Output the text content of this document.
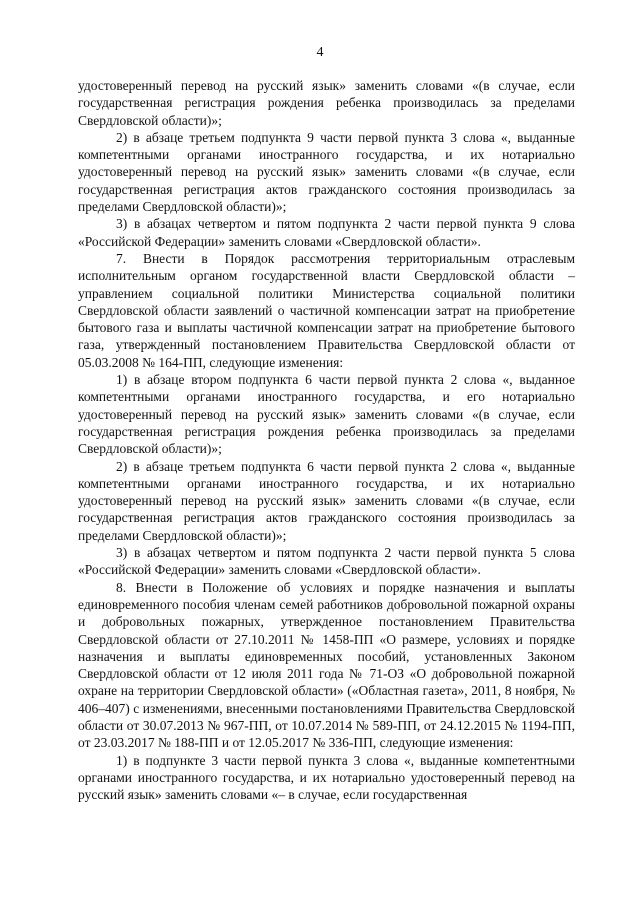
4

удостоверенный перевод на русский язык» заменить словами «(в случае, если государственная регистрация рождения ребенка производилась за пределами Свердловской области)»;

2) в абзаце третьем подпункта 9 части первой пункта 3 слова «, выданные компетентными органами иностранного государства, и их нотариально удостоверенный перевод на русский язык» заменить словами «(в случае, если государственная регистрация актов гражданского состояния производилась за пределами Свердловской области)»;

3) в абзацах четвертом и пятом подпункта 2 части первой пункта 9 слова «Российской Федерации» заменить словами «Свердловской области».

7. Внести в Порядок рассмотрения территориальным отраслевым исполнительным органом государственной власти Свердловской области – управлением социальной политики Министерства социальной политики Свердловской области заявлений о частичной компенсации затрат на приобретение бытового газа и выплаты частичной компенсации затрат на приобретение бытового газа, утвержденный постановлением Правительства Свердловской области от 05.03.2008 № 164-ПП, следующие изменения:

1) в абзаце втором подпункта 6 части первой пункта 2 слова «, выданное компетентными органами иностранного государства, и его нотариально удостоверенный перевод на русский язык» заменить словами «(в случае, если государственная регистрация рождения ребенка производилась за пределами Свердловской области)»;

2) в абзаце третьем подпункта 6 части первой пункта 2 слова «, выданные компетентными органами иностранного государства, и их нотариально удостоверенный перевод на русский язык» заменить словами «(в случае, если государственная регистрация актов гражданского состояния производилась за пределами Свердловской области)»;

3) в абзацах четвертом и пятом подпункта 2 части первой пункта 5 слова «Российской Федерации» заменить словами «Свердловской области».

8. Внести в Положение об условиях и порядке назначения и выплаты единовременного пособия членам семей работников добровольной пожарной охраны и добровольных пожарных, утвержденное постановлением Правительства Свердловской области от 27.10.2011 № 1458-ПП «О размере, условиях и порядке назначения и выплаты единовременных пособий, установленных Законом Свердловской области от 12 июля 2011 года № 71-ОЗ «О добровольной пожарной охране на территории Свердловской области» («Областная газета», 2011, 8 ноября, № 406–407) с изменениями, внесенными постановлениями Правительства Свердловской области от 30.07.2013 № 967-ПП, от 10.07.2014 № 589-ПП, от 24.12.2015 № 1194-ПП, от 23.03.2017 № 188-ПП и от 12.05.2017 № 336-ПП, следующие изменения:

1) в подпункте 3 части первой пункта 3 слова «, выданные компетентными органами иностранного государства, и их нотариально удостоверенный перевод на русский язык» заменить словами «– в случае, если государственная
